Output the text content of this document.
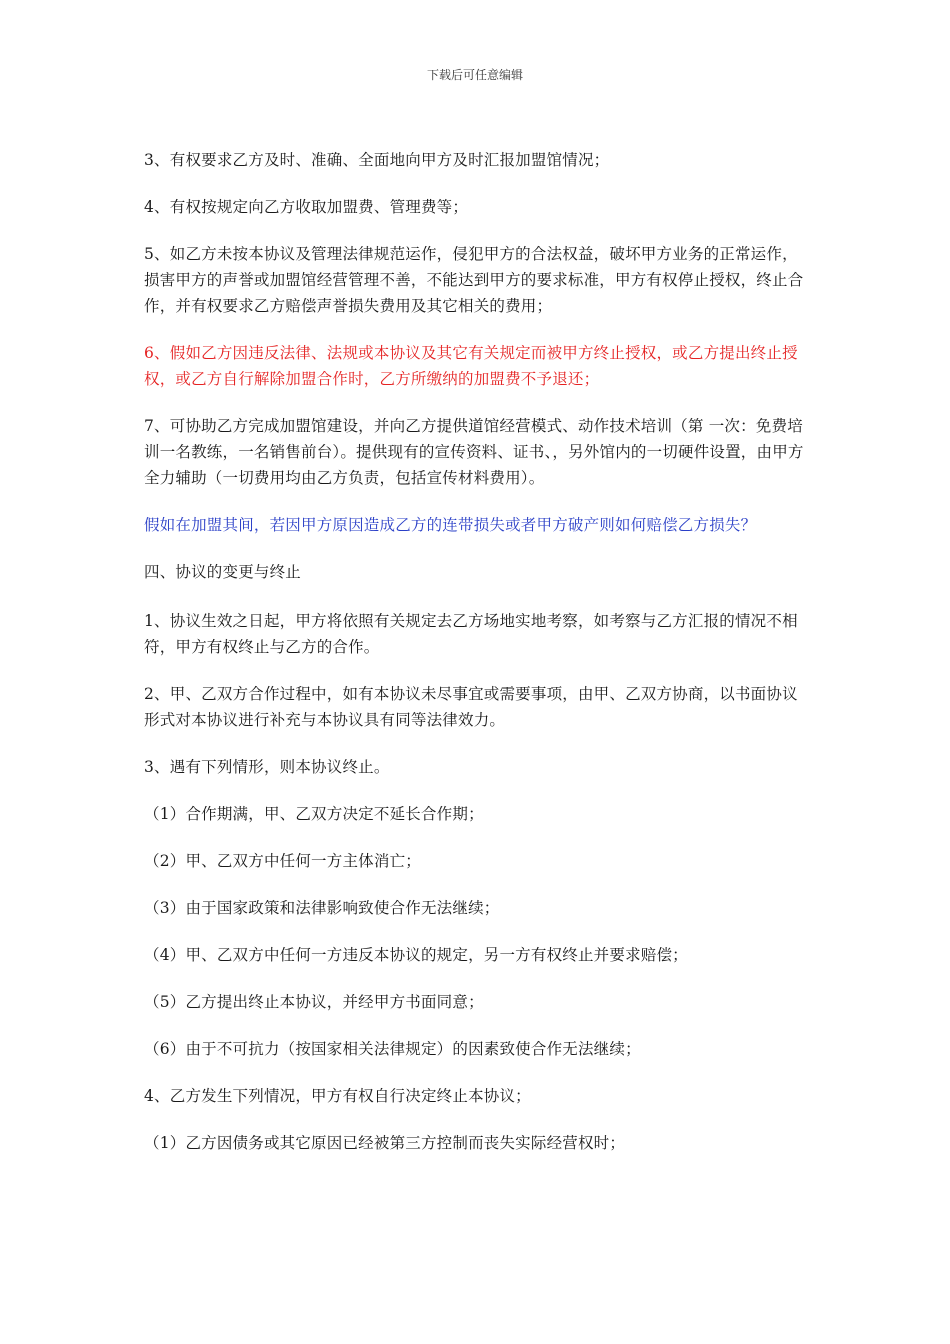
下载后可任意编辑

3、有权要求乙方及时、准确、全面地向甲方及时汇报加盟馆情况；

4、有权按规定向乙方收取加盟费、管理费等；

5、如乙方未按本协议及管理法律规范运作，侵犯甲方的合法权益，破坏甲方业务的正常运作，损害甲方的声誉或加盟馆经营管理不善，不能达到甲方的要求标准，甲方有权停止授权，终止合作，并有权要求乙方赔偿声誉损失费用及其它相关的费用；

6、假如乙方因违反法律、法规或本协议及其它有关规定而被甲方终止授权，或乙方提出终止授权，或乙方自行解除加盟合作时，乙方所缴纳的加盟费不予退还；

7、可协助乙方完成加盟馆建设，并向乙方提供道馆经营模式、动作技术培训（第 一次：免费培训一名教练，一名销售前台）。提供现有的宣传资料、证书、，另外馆内的一切硬件设置，由甲方全力辅助（一切费用均由乙方负责，包括宣传材料费用）。

假如在加盟其间，若因甲方原因造成乙方的连带损失或者甲方破产则如何赔偿乙方损失？

四、协议的变更与终止

1、协议生效之日起，甲方将依照有关规定去乙方场地实地考察，如考察与乙方汇报的情况不相符，甲方有权终止与乙方的合作。

2、甲、乙双方合作过程中，如有本协议未尽事宜或需要事项，由甲、乙双方协商，以书面协议形式对本协议进行补充与本协议具有同等法律效力。

3、遇有下列情形，则本协议终止。

（1）合作期满，甲、乙双方决定不延长合作期；

（2）甲、乙双方中任何一方主体消亡；

（3）由于国家政策和法律影响致使合作无法继续；

（4）甲、乙双方中任何一方违反本协议的规定，另一方有权终止并要求赔偿；

（5）乙方提出终止本协议，并经甲方书面同意；

（6）由于不可抗力（按国家相关法律规定）的因素致使合作无法继续；

4、乙方发生下列情况，甲方有权自行决定终止本协议；

（1）乙方因债务或其它原因已经被第三方控制而丧失实际经营权时；
